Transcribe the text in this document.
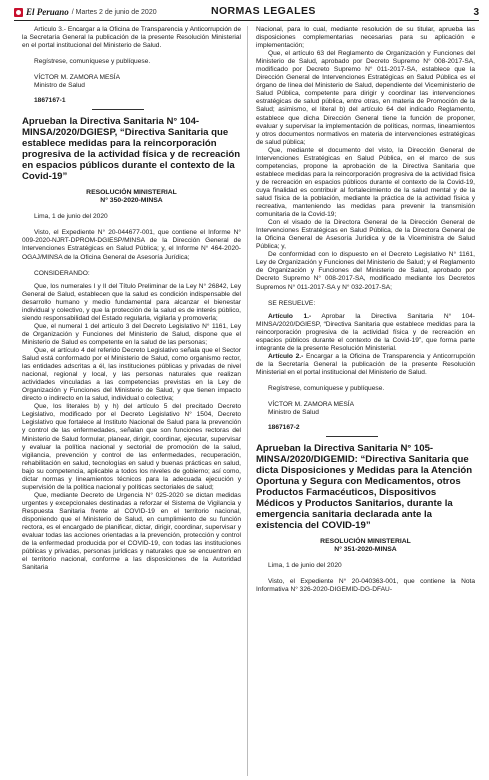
El Peruano / Martes 2 de junio de 2020	NORMAS LEGALES	3

Artículo 3.- Encargar a la Oficina de Transparencia y Anticorrupción de la Secretaría General la publicación de la presente Resolución Ministerial en el portal institucional del Ministerio de Salud.

Regístrese, comuníquese y publíquese.

VÍCTOR M. ZAMORA MESÍA

Ministro de Salud

1867167-1

Aprueban la Directiva Sanitaria N° 104-MINSA/2020/DGIESP, “Directiva Sanitaria que establece medidas para la reincorporación progresiva de la actividad física y de recreación en espacios públicos durante el contexto de la Covid-19”

RESOLUCIÓN MINISTERIAL

N° 350-2020-MINSA

Lima, 1 de junio del 2020

Visto, el Expediente N° 20-044677-001, que contiene el Informe N° 009-2020-NJRT-DPROM-DGIESP/MINSA de la Dirección General de Intervenciones Estratégicas en Salud Pública; y, el Informe N° 464-2020-OGAJ/MINSA de la Oficina General de Asesoría Jurídica;

CONSIDERANDO:

Que, los numerales I y II del Título Preliminar de la Ley N° 26842, Ley General de Salud, establecen que la salud es condición indispensable del desarrollo humano y medio fundamental para alcanzar el bienestar individual y colectivo, y que la protección de la salud es de interés público, siendo responsabilidad del Estado regularla, vigilarla y promoverla;

Que, el numeral 1 del artículo 3 del Decreto Legislativo N° 1161, Ley de Organización y Funciones del Ministerio de Salud, dispone que el Ministerio de Salud es competente en la salud de las personas;

Que, el artículo 4 del referido Decreto Legislativo señala que el Sector Salud está conformado por el Ministerio de Salud, como organismo rector, las entidades adscritas a él, las instituciones públicas y privadas de nivel nacional, regional y local, y las personas naturales que realizan actividades vinculadas a las competencias previstas en la Ley de Organización y Funciones del Ministerio de Salud, y que tienen impacto directo o indirecto en la salud, individual o colectiva;

Que, los literales b) y h) del artículo 5 del precitado Decreto Legislativo, modificado por el Decreto Legislativo N° 1504, Decreto Legislativo que fortalece al Instituto Nacional de Salud para la prevención y control de las enfermedades, señalan que son funciones rectoras del Ministerio de Salud formular, planear, dirigir, coordinar, ejecutar, supervisar y evaluar la política nacional y sectorial de promoción de la salud, vigilancia, prevención y control de las enfermedades, recuperación, rehabilitación en salud, tecnologías en salud y buenas prácticas en salud, bajo su competencia, aplicable a todos los niveles de gobierno; así como, dictar normas y lineamientos técnicos para la adecuada ejecución y supervisión de la política nacional y políticas sectoriales de salud;

Que, mediante Decreto de Urgencia N° 025-2020 se dictan medidas urgentes y excepcionales destinadas a reforzar el Sistema de Vigilancia y Respuesta Sanitaria frente al COVID-19 en el territorio nacional, disponiendo que el Ministerio de Salud, en cumplimiento de su función rectora, es el encargado de planificar, dictar, dirigir, coordinar, supervisar y evaluar todas las acciones orientadas a la prevención, protección y control de la enfermedad producida por el COVID-19, con todas las instituciones públicas y privadas, personas jurídicas y naturales que se encuentren en el territorio nacional, conforme a las disposiciones de la Autoridad Sanitaria

Nacional, para lo cual, mediante resolución de su titular, aprueba las disposiciones complementarias necesarias para su aplicación e implementación;

Que, el artículo 63 del Reglamento de Organización y Funciones del Ministerio de Salud, aprobado por Decreto Supremo N° 008-2017-SA, modificado por Decreto Supremo N° 011-2017-SA, establece que la Dirección General de Intervenciones Estratégicas en Salud Pública es el órgano de línea del Ministerio de Salud, dependiente del Viceministerio de Salud Pública, competente para dirigir y coordinar las intervenciones estratégicas de salud pública, entre otras, en materia de Promoción de la Salud; asimismo, el literal b) del artículo 64 del indicado Reglamento, establece que dicha Dirección General tiene la función de proponer, evaluar y supervisar la implementación de políticas, normas, lineamientos y otros documentos normativos en materia de intervenciones estratégicas de salud pública;

Que, mediante el documento del visto, la Dirección General de Intervenciones Estratégicas en Salud Pública, en el marco de sus competencias, propone la aprobación de la Directiva Sanitaria que establece medidas para la reincorporación progresiva de la actividad física y de recreación en espacios públicos durante el contexto de la Covid-19, cuya finalidad es contribuir al fortalecimiento de la salud mental y de la salud física de la población, mediante la práctica de la actividad física y recreativa, manteniendo las medidas para prevenir la transmisión comunitaria de la Covid-19;

Con el visado de la Directora General de la Dirección General de Intervenciones Estratégicas en Salud Pública, de la Directora General de la Oficina General de Asesoría Jurídica y de la Viceministra de Salud Pública; y,

De conformidad con lo dispuesto en el Decreto Legislativo N° 1161, Ley de Organización y Funciones del Ministerio de Salud; y el Reglamento de Organización y Funciones del Ministerio de Salud, aprobado por Decreto Supremo N° 008-2017-SA, modificado mediante los Decretos Supremos N° 011-2017-SA y N° 032-2017-SA;

SE RESUELVE:

Artículo 1.- Aprobar la Directiva Sanitaria N° 104-MINSA/2020/DGIESP, “Directiva Sanitaria que establece medidas para la reincorporación progresiva de la actividad física y de recreación en espacios públicos durante el contexto de la Covid-19”, que forma parte integrante de la presente Resolución Ministerial.

Artículo 2.- Encargar a la Oficina de Transparencia y Anticorrupción de la Secretaría General la publicación de la presente Resolución Ministerial en el portal institucional del Ministerio de Salud.

Regístrese, comuníquese y publíquese.

VÍCTOR M. ZAMORA MESÍA

Ministro de Salud

1867167-2

Aprueban la Directiva Sanitaria N° 105-MINSA/2020/DIGEMID: “Directiva Sanitaria que dicta Disposiciones y Medidas para la Atención Oportuna y Segura con Medicamentos, otros Productos Farmacéuticos, Dispositivos Médicos y Productos Sanitarios, durante la emergencia sanitaria declarada ante la existencia del COVID-19”

RESOLUCIÓN MINISTERIAL

N° 351-2020-MINSA

Lima, 1 de junio del 2020

Visto, el Expediente N° 20-040363-001, que contiene la Nota Informativa N° 326-2020-DIGEMID-DG-DFAU-
